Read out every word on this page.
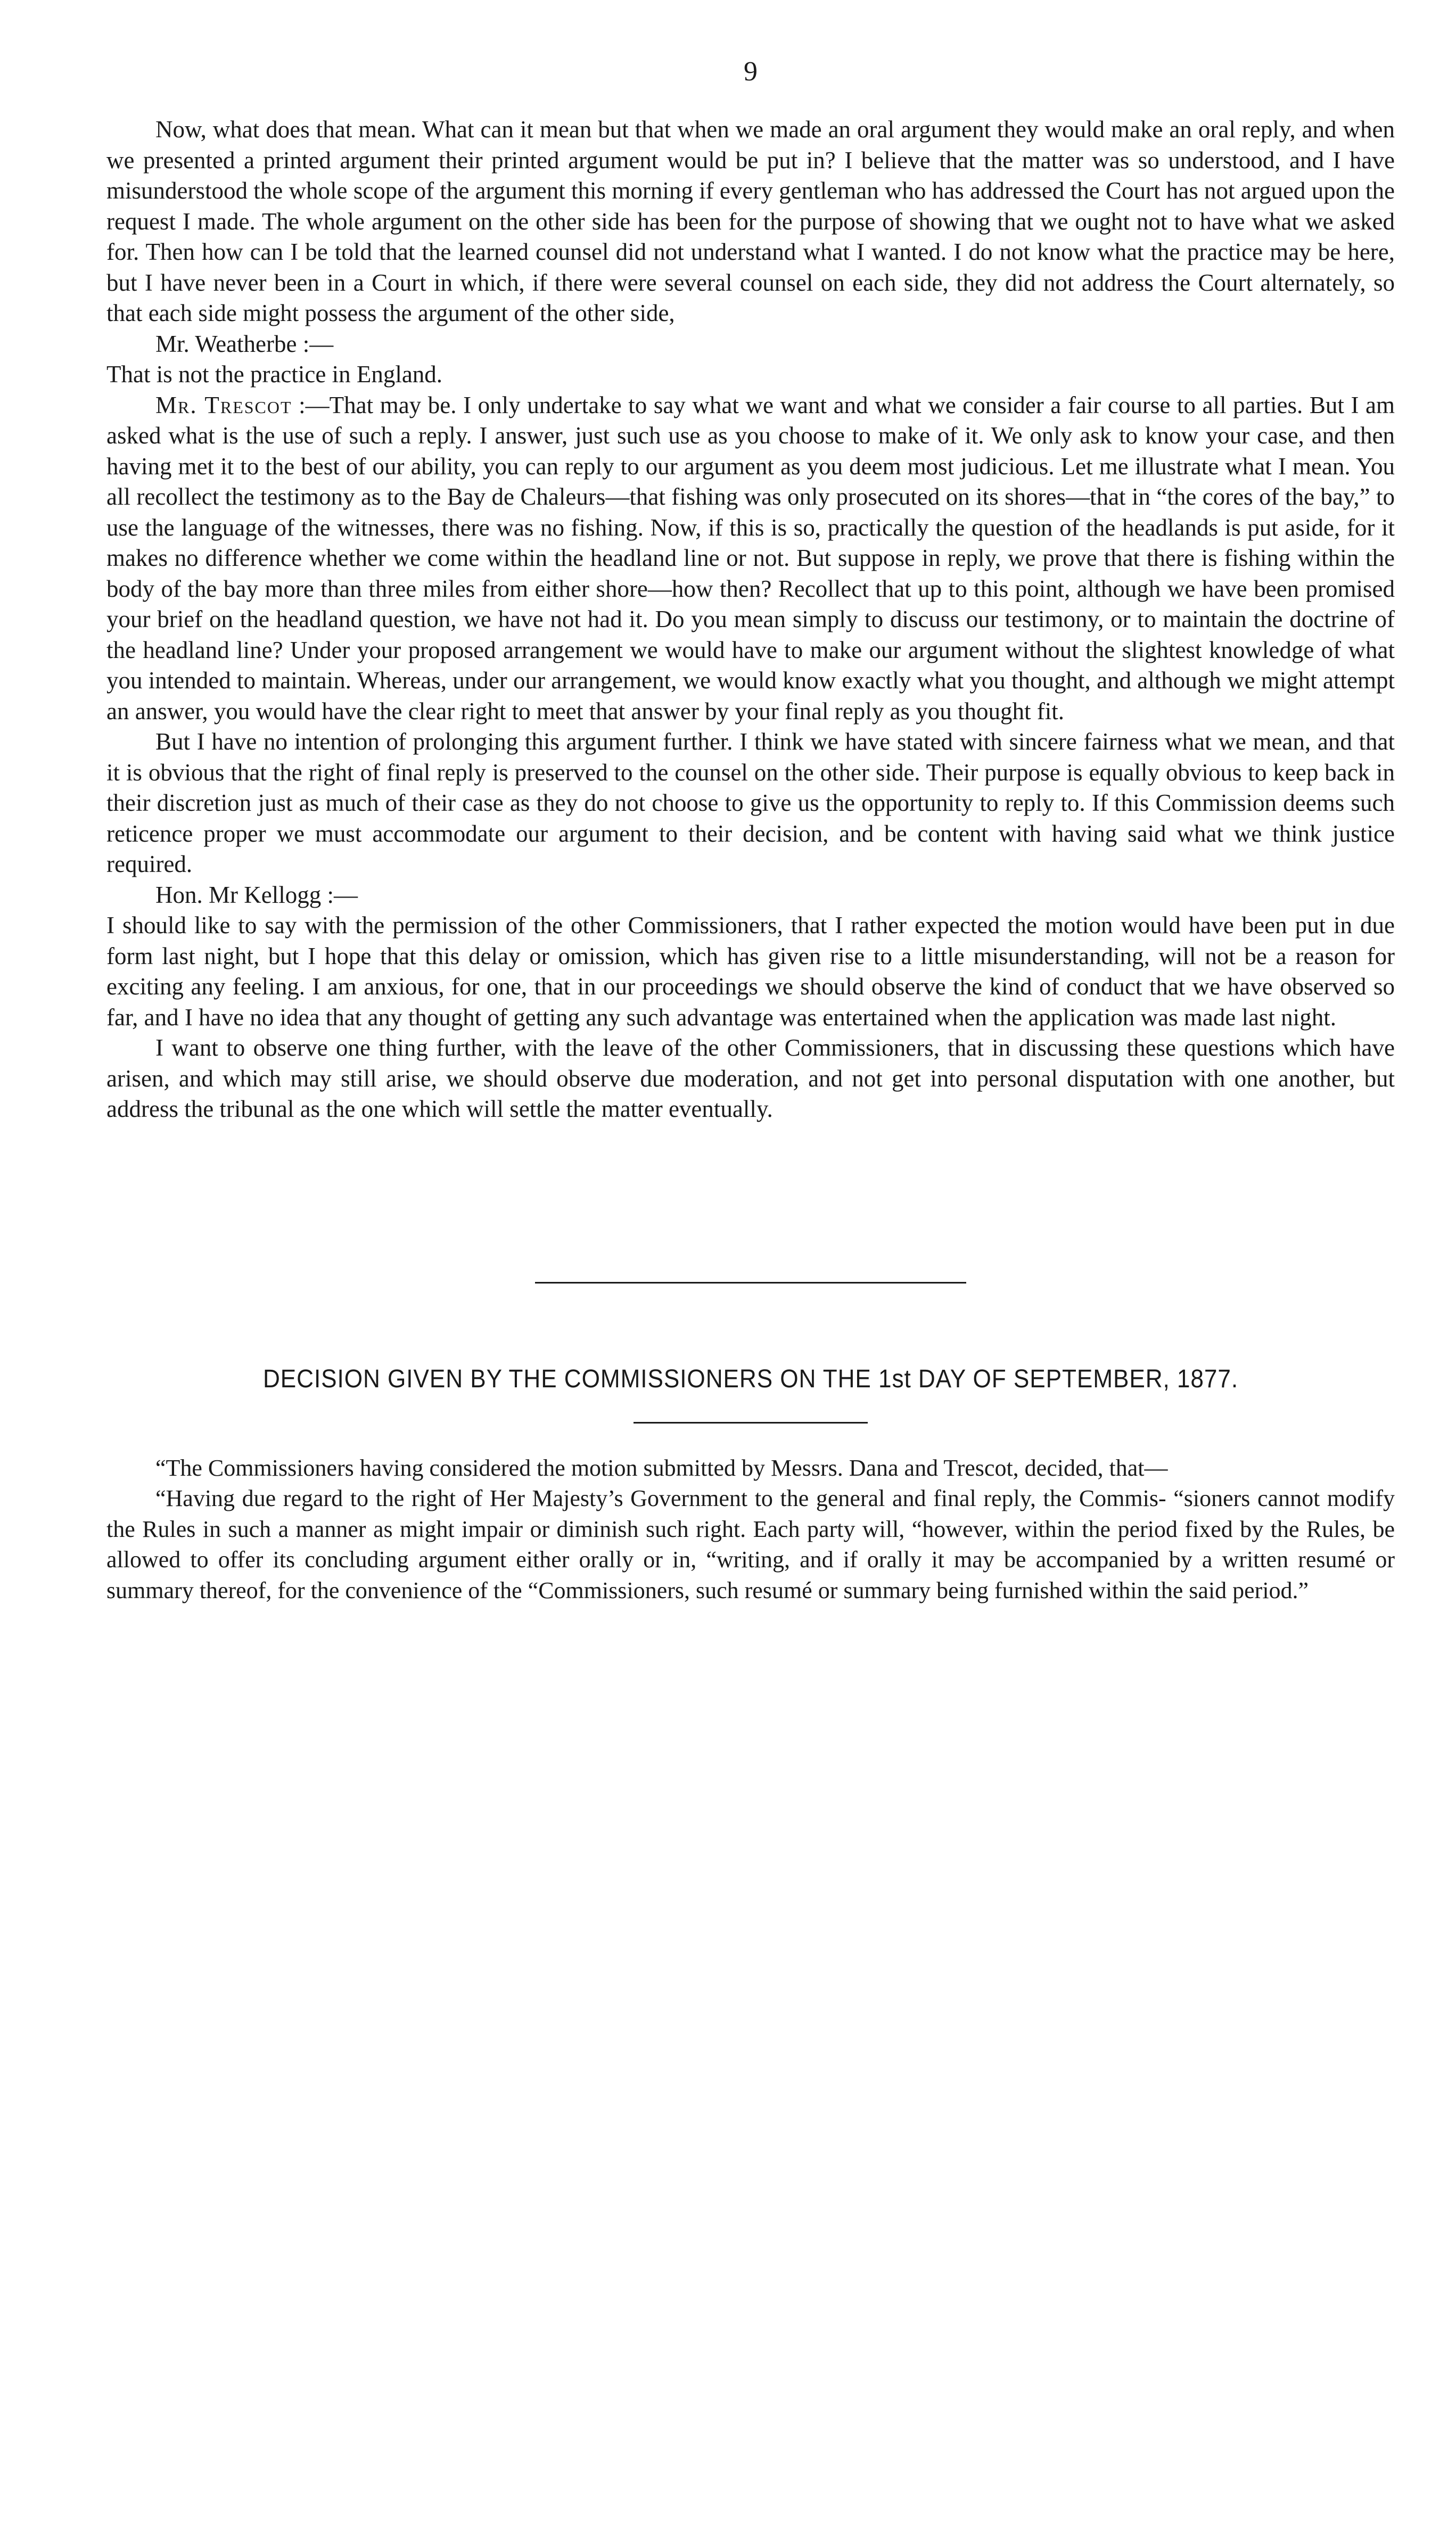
9

Now, what does that mean. What can it mean but that when we made an oral argument they would make an oral reply, and when we presented a printed argument their printed argument would be put in? I believe that the matter was so understood, and I have misunderstood the whole scope of the argument this morning if every gentleman who has addressed the Court has not argued upon the request I made. The whole argument on the other side has been for the purpose of showing that we ought not to have what we asked for. Then how can I be told that the learned counsel did not understand what I wanted. I do not know what the practice may be here, but I have never been in a Court in which, if there were several counsel on each side, they did not address the Court alternately, so that each side might possess the argument of the other side,

Mr. Weatherbe :—

That is not the practice in England.

Mr. Trescot :—That may be. I only undertake to say what we want and what we consider a fair course to all parties. But I am asked what is the use of such a reply. I answer, just such use as you choose to make of it. We only ask to know your case, and then having met it to the best of our ability, you can reply to our argument as you deem most judicious. Let me illustrate what I mean. You all recollect the testimony as to the Bay de Chaleurs—that fishing was only prosecuted on its shores—that in “the cores of the bay,” to use the language of the witnesses, there was no fishing. Now, if this is so, practically the question of the headlands is put aside, for it makes no difference whether we come within the headland line or not. But suppose in reply, we prove that there is fishing within the body of the bay more than three miles from either shore—how then? Recollect that up to this point, although we have been promised your brief on the headland question, we have not had it. Do you mean simply to discuss our testimony, or to maintain the doctrine of the headland line? Under your proposed arrangement we would have to make our argument without the slightest knowledge of what you intended to maintain. Whereas, under our arrangement, we would know exactly what you thought, and although we might attempt an answer, you would have the clear right to meet that answer by your final reply as you thought fit.

But I have no intention of prolonging this argument further. I think we have stated with sincere fairness what we mean, and that it is obvious that the right of final reply is preserved to the counsel on the other side. Their purpose is equally obvious to keep back in their discretion just as much of their case as they do not choose to give us the opportunity to reply to. If this Commission deems such reticence proper we must accommodate our argument to their decision, and be content with having said what we think justice required.

Hon. Mr Kellogg :—

I should like to say with the permission of the other Commissioners, that I rather expected the motion would have been put in due form last night, but I hope that this delay or omission, which has given rise to a little misunderstanding, will not be a reason for exciting any feeling. I am anxious, for one, that in our proceedings we should observe the kind of conduct that we have observed so far, and I have no idea that any thought of getting any such advantage was entertained when the application was made last night.

I want to observe one thing further, with the leave of the other Commissioners, that in discussing these questions which have arisen, and which may still arise, we should observe due moderation, and not get into personal disputation with one another, but address the tribunal as the one which will settle the matter eventually.

DECISION GIVEN BY THE COMMISSIONERS ON THE 1st DAY OF SEPTEMBER, 1877.

“The Commissioners having considered the motion submitted by Messrs. Dana and Trescot, decided, that—

“Having due regard to the right of Her Majesty’s Government to the general and final reply, the Commis- “sioners cannot modify the Rules in such a manner as might impair or diminish such right. Each party will, “however, within the period fixed by the Rules, be allowed to offer its concluding argument either orally or in, “writing, and if orally it may be accompanied by a written resumé or summary thereof, for the convenience of the “Commissioners, such resumé or summary being furnished within the said period.”
